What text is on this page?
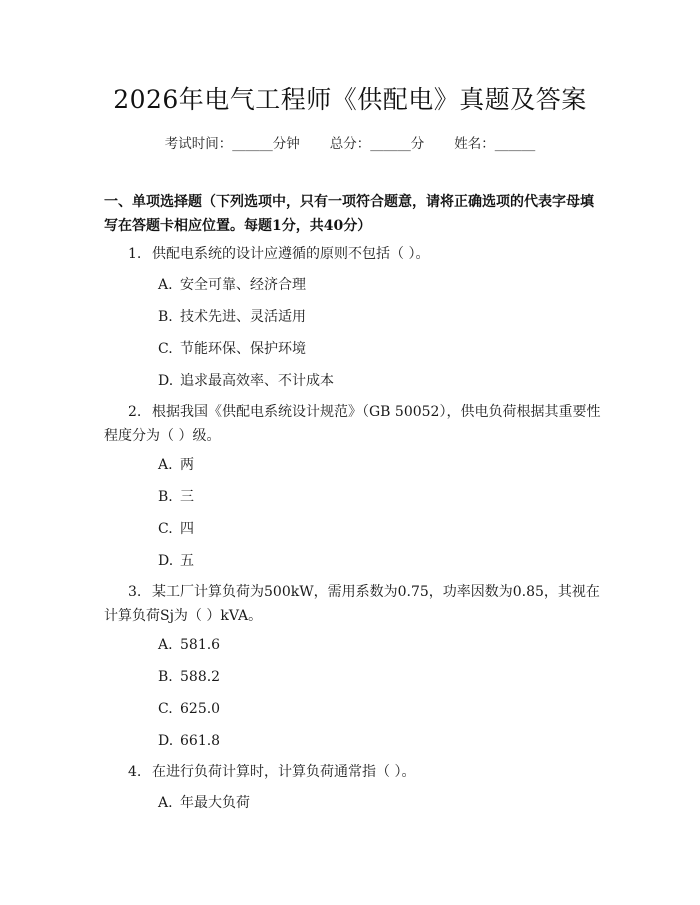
2026年电气工程师《供配电》真题及答案
考试时间：______分钟 总分：______分 姓名：______
一、单项选择题（下列选项中，只有一项符合题意，请将正确选项的代表字母填写在答题卡相应位置。每题1分，共40分）
1. 供配电系统的设计应遵循的原则不包括（ ）。
A. 安全可靠、经济合理
B. 技术先进、灵活适用
C. 节能环保、保护环境
D. 追求最高效率、不计成本
2. 根据我国《供配电系统设计规范》（GB 50052），供电负荷根据其重要性程度分为（ ）级。
A. 两
B. 三
C. 四
D. 五
3. 某工厂计算负荷为500kW，需用系数为0.75，功率因数为0.85，其视在计算负荷Sj为（ ）kVA。
A. 581.6
B. 588.2
C. 625.0
D. 661.8
4. 在进行负荷计算时，计算负荷通常指（ ）。
A. 年最大负荷
